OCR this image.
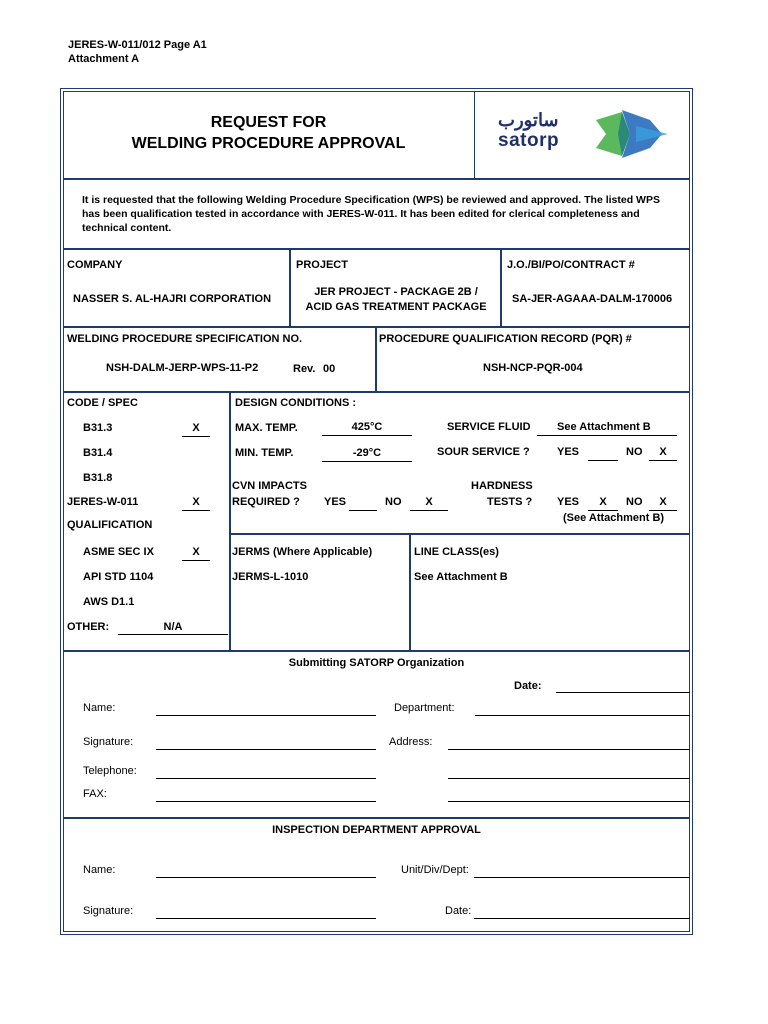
JERES-W-011/012 Page A1
Attachment A
REQUEST FOR
WELDING PROCEDURE APPROVAL
ساتورب
satorp
It is requested that the following Welding Procedure Specification (WPS) be reviewed and approved. The listed WPS
has been qualification tested in accordance with JERES-W-011. It has been edited for clerical completeness and
technical content.
COMPANY
NASSER S. AL-HAJRI CORPORATION
PROJECT
JER PROJECT - PACKAGE 2B /
ACID GAS TREATMENT PACKAGE
J.O./BI/PO/CONTRACT #
SA-JER-AGAAA-DALM-170006
WELDING PROCEDURE SPECIFICATION NO.
NSH-DALM-JERP-WPS-11-P2	Rev. 00
PROCEDURE QUALIFICATION RECORD (PQR) #
NSH-NCP-PQR-004
CODE / SPEC
B31.3	X
B31.4
B31.8
JERES-W-011	X
QUALIFICATION
ASME SEC IX	X
API STD 1104
AWS D1.1
OTHER:	N/A
DESIGN CONDITIONS :
MAX. TEMP.	425°C
MIN. TEMP.	-29°C
SERVICE FLUID See Attachment B
SOUR SERVICE ? YES	NO	X
CVN IMPACTS
REQUIRED ? YES	NO	X
HARDNESS
TESTS ? YES	X	NO	X
(See Attachment B)
JERMS (Where Applicable)
JERMS-L-1010
LINE CLASS(es)
See Attachment B
Submitting SATORP Organization
Date:
Name:	Department:
Signature:	Address:
Telephone:
FAX:
INSPECTION DEPARTMENT APPROVAL
Name:	Unit/Div/Dept:
Signature:	Date:
